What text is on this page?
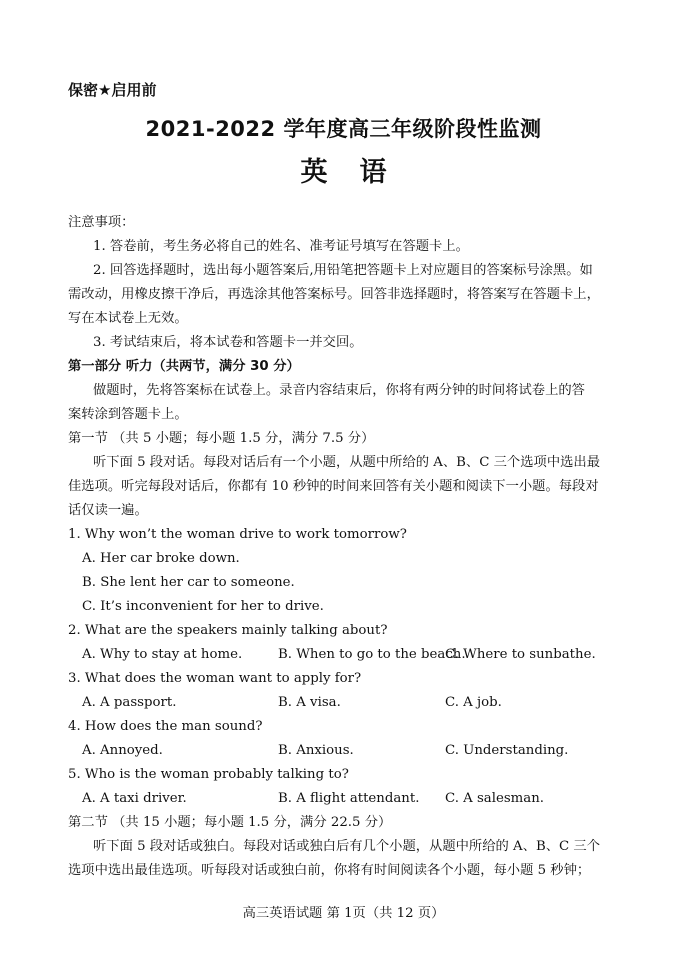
保密★启用前
2021-2022 学年度高三年级阶段性监测
英 语
注意事项：
1. 答卷前，考生务必将自己的姓名、准考证号填写在答题卡上。
2. 回答选择题时，选出每小题答案后,用铅笔把答题卡上对应题目的答案标号涂黑。如
需改动，用橡皮擦干净后，再选涂其他答案标号。回答非选择题时，将答案写在答题卡上，
写在本试卷上无效。
3. 考试结束后，将本试卷和答题卡一并交回。
第一部分 听力（共两节，满分 30 分）
做题时，先将答案标在试卷上。录音内容结束后，你将有两分钟的时间将试卷上的答
案转涂到答题卡上。
第一节 （共 5 小题；每小题 1.5 分，满分 7.5 分）
听下面 5 段对话。每段对话后有一个小题，从题中所给的 A、B、C 三个选项中选出最
佳选项。听完每段对话后，你都有 10 秒钟的时间来回答有关小题和阅读下一小题。每段对
话仅读一遍。
1. Why won’t the woman drive to work tomorrow?
A. Her car broke down.
B. She lent her car to someone.
C. It’s inconvenient for her to drive.
2. What are the speakers mainly talking about?
A. Why to stay at home.	B. When to go to the beach.
C. Where to sunbathe.
3. What does the woman want to apply for?
A. A passport.	B. A visa.	C. A job.
4. How does the man sound?
A. Annoyed.	B. Anxious.	C. Understanding.
5. Who is the woman probably talking to?
A. A taxi driver.	B. A flight attendant. C. A salesman.
第二节 （共 15 小题；每小题 1.5 分，满分 22.5 分）
听下面 5 段对话或独白。每段对话或独白后有几个小题，从题中所给的 A、B、C 三个
选项中选出最佳选项。听每段对话或独白前，你将有时间阅读各个小题，每小题 5 秒钟；
高三英语试题 第 1页（共 12 页）
